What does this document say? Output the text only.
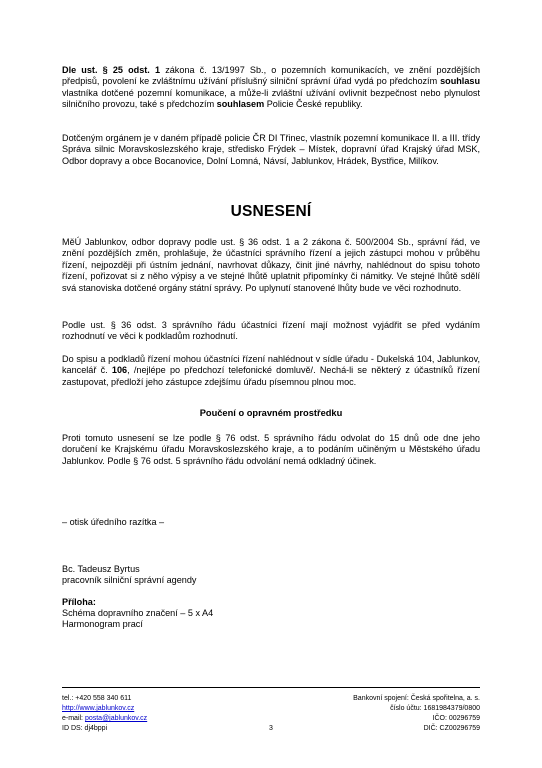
Dle ust. § 25 odst. 1 zákona č. 13/1997 Sb., o pozemních komunikacích, ve znění pozdějších předpisů, povolení ke zvláštnímu užívání příslušný silniční správní úřad vydá po předchozím souhlasu vlastníka dotčené pozemní komunikace, a může-li zvláštní užívání ovlivnit bezpečnost nebo plynulost silničního provozu, také s předchozím souhlasem Policie České republiky.

Dotčeným orgánem je v daném případě policie ČR DI Třinec, vlastník pozemní komunikace II. a III. třídy Správa silnic Moravskoslezského kraje, středisko Frýdek – Místek, dopravní úřad Krajský úřad MSK, Odbor dopravy a obce Bocanovice, Dolní Lomná, Návsí, Jablunkov, Hrádek, Bystřice, Milíkov.

USNESENÍ

MěÚ Jablunkov, odbor dopravy podle ust. § 36 odst. 1 a 2 zákona č. 500/2004 Sb., správní řád, ve znění pozdějších změn, prohlašuje, že účastníci správního řízení a jejich zástupci mohou v průběhu řízení, nejpozději při ústním jednání, navrhovat důkazy, činit jiné návrhy, nahlédnout do spisu tohoto řízení, pořizovat si z něho výpisy a ve stejné lhůtě uplatnit připomínky či námitky. Ve stejné lhůtě sdělí svá stanoviska dotčené orgány státní správy. Po uplynutí stanovené lhůty bude ve věci rozhodnuto.

Podle ust. § 36 odst. 3 správního řádu účastníci řízení mají možnost vyjádřit se před vydáním rozhodnutí ve věci k podkladům rozhodnutí.

Do spisu a podkladů řízení mohou účastníci řízení nahlédnout v sídle úřadu - Dukelská 104, Jablunkov, kancelář č. 106, /nejlépe po předchozí telefonické domluvě/. Nechá-li se některý z účastníků řízení zastupovat, předloží jeho zástupce zdejšímu úřadu písemnou plnou moc.

Poučení o opravném prostředku

Proti tomuto usnesení se lze podle § 76 odst. 5 správního řádu odvolat do 15 dnů ode dne jeho doručení ke Krajskému úřadu Moravskoslezského kraje, a to podáním učiněným u Městského úřadu Jablunkov. Podle § 76 odst. 5 správního řádu odvolání nemá odkladný účinek.

– otisk úředního razítka –
Bc. Tadeusz Byrtus
pracovník silniční správní agendy
Příloha:
Schéma dopravního značení – 5 x A4
Harmonogram prací
tel.: +420 558 340 611
http://www.jablunkov.cz
e-mail: posta@jablunkov.cz
ID DS: dj4bppi	3
Bankovní spojení: Česká spořitelna, a. s.
číslo účtu: 1681984379/0800
IČO: 00296759
DIČ: CZ00296759
